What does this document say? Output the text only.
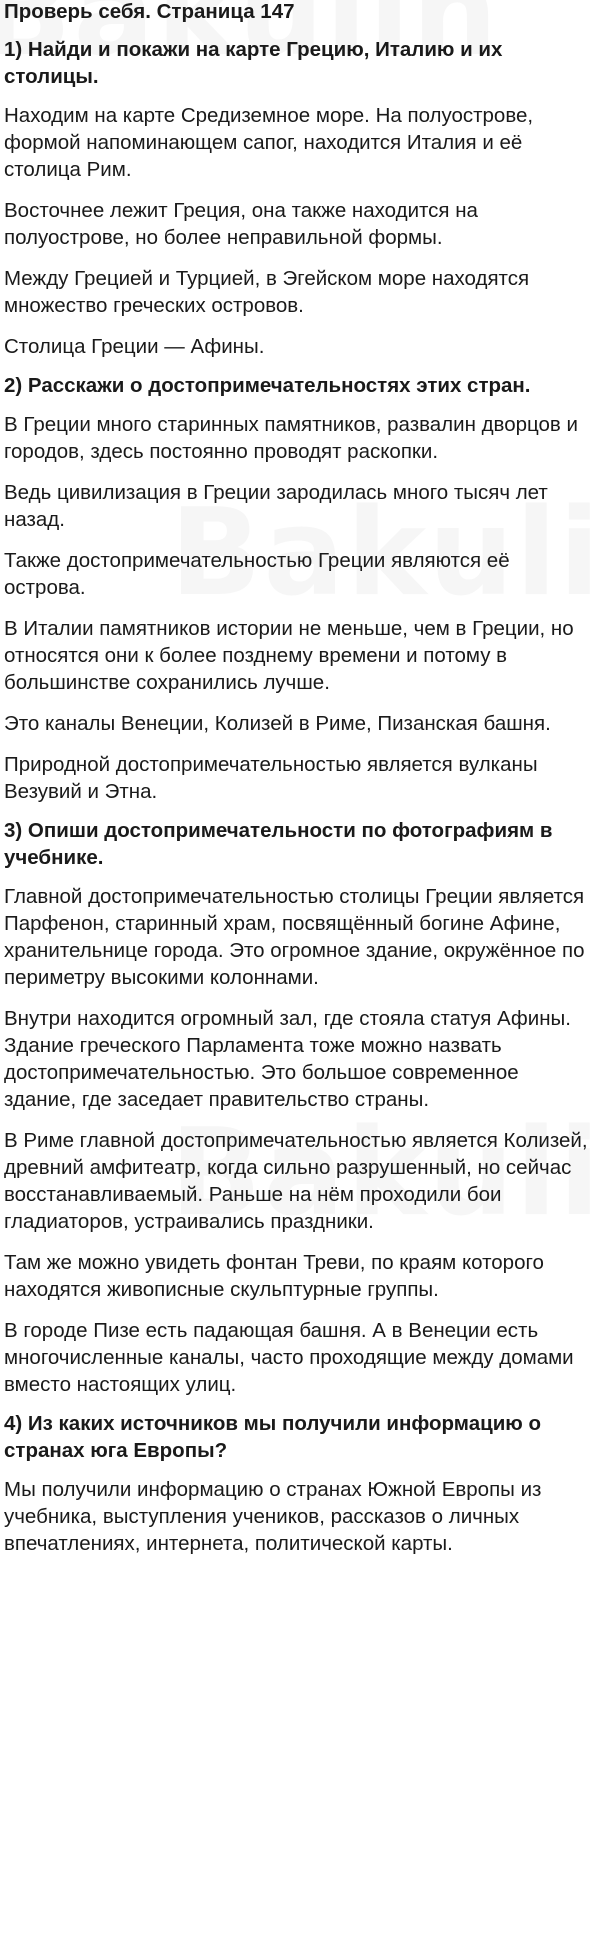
Проверь себя. Страница 147
1) Найди и покажи на карте Грецию, Италию и их столицы.

Находим на карте Средиземное море. На полуострове, формой напоминающем сапог, находится Италия и её столица Рим.

Восточнее лежит Греция, она также находится на полуострове, но более неправильной формы.

Между Грецией и Турцией, в Эгейском море находятся множество греческих островов.

Столица Греции — Афины.

2) Расскажи о достопримечательностях этих стран.

В Греции много старинных памятников, развалин дворцов и городов, здесь постоянно проводят раскопки.

Ведь цивилизация в Греции зародилась много тысяч лет назад.

Также достопримечательностью Греции являются её острова.

В Италии памятников истории не меньше, чем в Греции, но относятся они к более позднему времени и потому в большинстве сохранились лучше.

Это каналы Венеции, Колизей в Риме, Пизанская башня.

Природной достопримечательностью является вулканы Везувий и Этна.

3) Опиши достопримечательности по фотографиям в учебнике.

Главной достопримечательностью столицы Греции является Парфенон, старинный храм, посвящённый богине Афине, хранительнице города. Это огромное здание, окружённое по периметру высокими колоннами.

Внутри находится огромный зал, где стояла статуя Афины. Здание греческого Парламента тоже можно назвать достопримечательностью. Это большое современное здание, где заседает правительство страны.

В Риме главной достопримечательностью является Колизей, древний амфитеатр, когда сильно разрушенный, но сейчас восстанавливаемый. Раньше на нём проходили бои гладиаторов, устраивались праздники.

Там же можно увидеть фонтан Треви, по краям которого находятся живописные скульптурные группы.

В городе Пизе есть падающая башня. А в Венеции есть многочисленные каналы, часто проходящие между домами вместо настоящих улиц.

4) Из каких источников мы получили информацию о странах юга Европы?

Мы получили информацию о странах Южной Европы из учебника, выступления учеников, рассказов о личных впечатлениях, интернета, политической карты.
